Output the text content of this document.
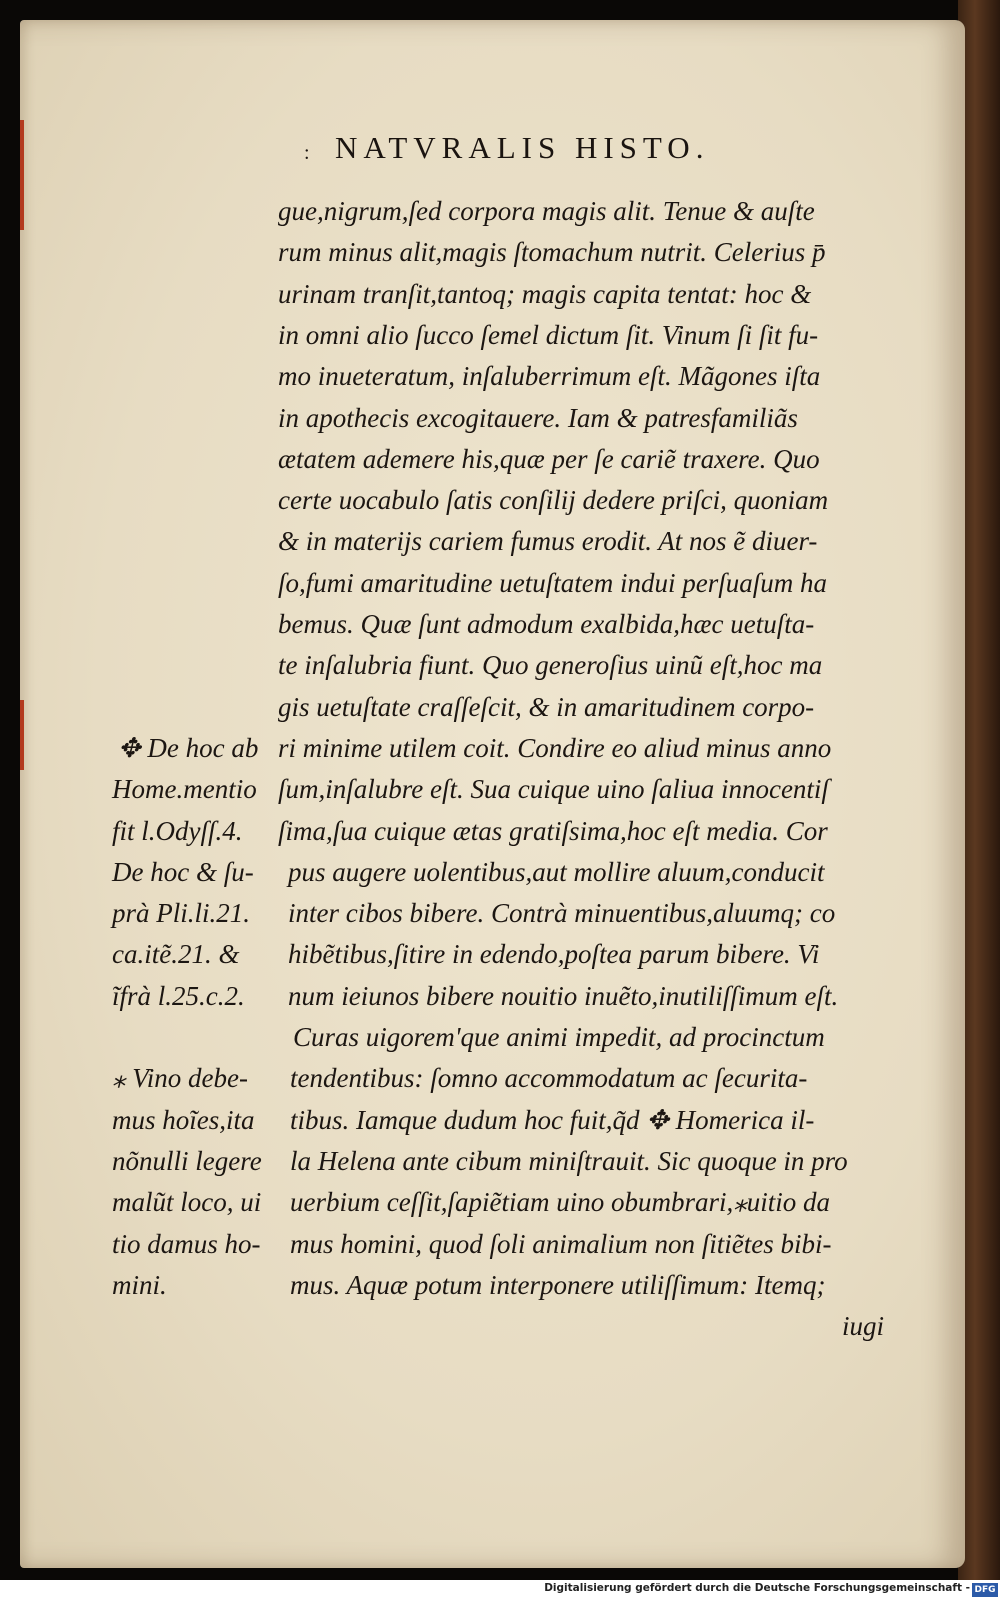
: NATVRALIS HISTO.
gue,nigrum,ſed corpora magis alit. Tenue & auſte
rum minus alit,magis ſtomachum nutrit. Celerius p̄
urinam tranſit,tantoq; magis capita tentat: hoc &
in omni alio ſucco ſemel dictum ſit. Vinum ſi ſit fu-
mo inueteratum, inſaluberrimum eſt. Mãgones iſta
in apothecis excogitauere. Iam & patresfamiliãs
ætatem ademere his,quæ per ſe cariẽ traxere. Quo
certe uocabulo ſatis conſilij dedere priſci, quoniam
& in materijs cariem fumus erodit. At nos ẽ diuer-
ſo,fumi amaritudine uetuſtatem indui perſuaſum ha
bemus. Quæ ſunt admodum exalbida,hæc uetuſta-
te inſalubria fiunt. Quo generoſius uinũ eſt,hoc ma
gis uetuſtate craſſeſcit, & in amaritudinem corpo-
ri minime utilem coit. Condire eo aliud minus anno
ſum,inſalubre eſt. Sua cuique uino ſaliua innocentiſ
ſima,ſua cuique ætas gratiſsima,hoc eſt media. Cor
pus augere uolentibus,aut mollire aluum,conducit
inter cibos bibere. Contrà minuentibus,aluumq; co
hibẽtibus,ſitire in edendo,poſtea parum bibere. Vi
num ieiunos bibere nouitio inuẽto,inutiliſſimum eſt.
Curas uigorem'que animi impedit, ad procinctum
tendentibus: ſomno accommodatum ac ſecurita-
tibus. Iamque dudum hoc fuit,q̃d ✥ Homerica il-
la Helena ante cibum miniſtrauit. Sic quoque in pro
uerbium ceſſit,ſapiẽtiam uino obumbrari,⁎uitio da
mus homini, quod ſoli animalium non ſitiẽtes bibi-
mus. Aquæ potum interponere utiliſſimum: Itemq;
iugi
✥ De hoc ab
Home.mentio
fit l.Odyſſ.4.
De hoc & ſu-
prà Pli.li.21.
ca.itẽ.21. &
ĩfrà l.25.c.2.
⁎ Vino debe-
mus hoĩes,ita
nõnulli legere
malũt loco, ui
tio damus ho-
mini.
Digitalisierung gefördert durch die Deutsche Forschungsgemeinschaft - DFG
